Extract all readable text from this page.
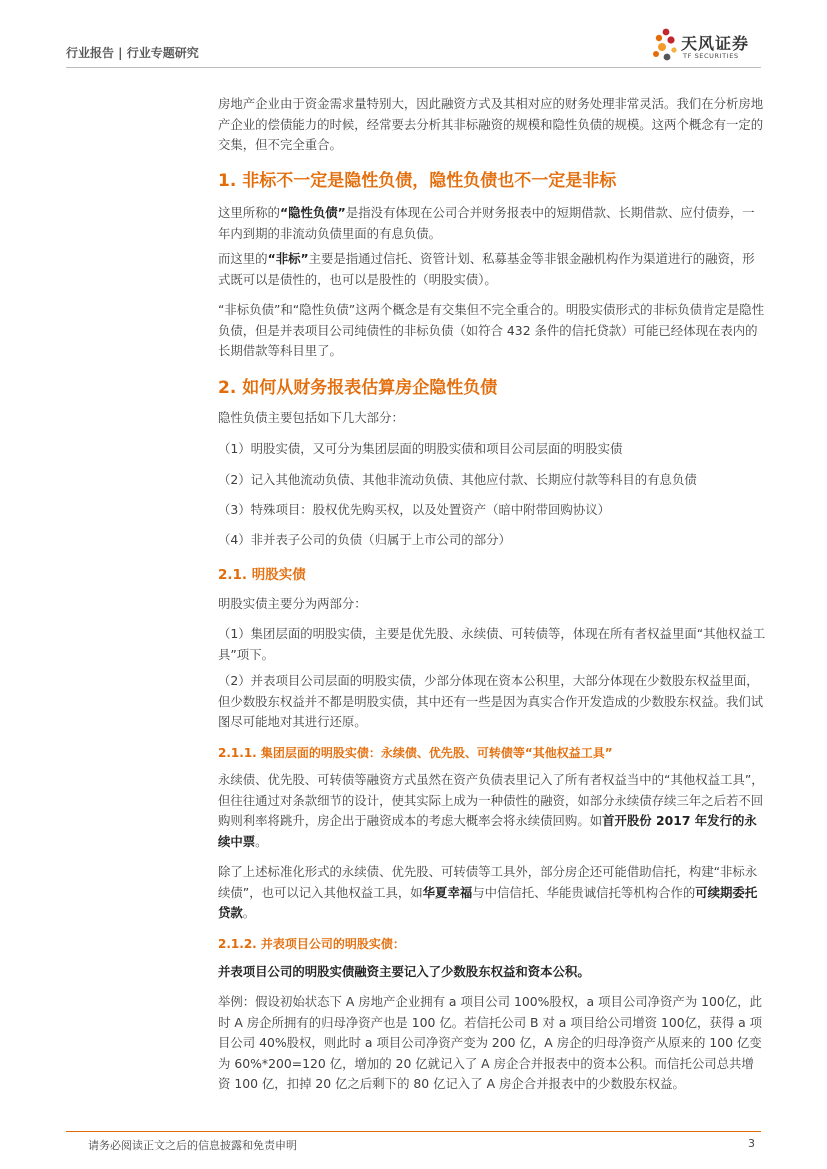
行业报告 | 行业专题研究	天风证券
TF SECURITIES

房地产企业由于资金需求量特别大，因此融资方式及其相对应的财务处理非常灵活。我们在分析房地产企业的偿债能力的时候，经常要去分析其非标融资的规模和隐性负债的规模。这两个概念有一定的交集，但不完全重合。

1. 非标不一定是隐性负债，隐性负债也不一定是非标

这里所称的“隐性负债”是指没有体现在公司合并财务报表中的短期借款、长期借款、应付债券，一年内到期的非流动负债里面的有息负债。

而这里的“非标”主要是指通过信托、资管计划、私募基金等非银金融机构作为渠道进行的融资，形式既可以是债性的，也可以是股性的（明股实债）。

“非标负债”和“隐性负债”这两个概念是有交集但不完全重合的。明股实债形式的非标负债肯定是隐性负债，但是并表项目公司纯债性的非标负债（如符合 432 条件的信托贷款）可能已经体现在表内的长期借款等科目里了。

2. 如何从财务报表估算房企隐性负债

隐性负债主要包括如下几大部分：

（1）明股实债，又可分为集团层面的明股实债和项目公司层面的明股实债

（2）记入其他流动负债、其他非流动负债、其他应付款、长期应付款等科目的有息负债

（3）特殊项目：股权优先购买权，以及处置资产（暗中附带回购协议）

（4）非并表子公司的负债（归属于上市公司的部分）

2.1. 明股实债

明股实债主要分为两部分：

（1）集团层面的明股实债，主要是优先股、永续债、可转债等，体现在所有者权益里面“其他权益工具”项下。

（2）并表项目公司层面的明股实债，少部分体现在资本公积里，大部分体现在少数股东权益里面，但少数股东权益并不都是明股实债，其中还有一些是因为真实合作开发造成的少数股东权益。我们试图尽可能地对其进行还原。

2.1.1. 集团层面的明股实债：永续债、优先股、可转债等“其他权益工具”

永续债、优先股、可转债等融资方式虽然在资产负债表里记入了所有者权益当中的“其他权益工具”，但往往通过对条款细节的设计，使其实际上成为一种债性的融资，如部分永续债存续三年之后若不回购则利率将跳升，房企出于融资成本的考虑大概率会将永续债回购。如首开股份 2017 年发行的永续中票。

除了上述标准化形式的永续债、优先股、可转债等工具外，部分房企还可能借助信托，构建“非标永续债”，也可以记入其他权益工具，如华夏幸福与中信信托、华能贵诚信托等机构合作的可续期委托贷款。

2.1.2. 并表项目公司的明股实债：

并表项目公司的明股实债融资主要记入了少数股东权益和资本公积。

举例：假设初始状态下 A 房地产企业拥有 a 项目公司 100%股权，a 项目公司净资产为 100亿，此时 A 房企所拥有的归母净资产也是 100 亿。若信托公司 B 对 a 项目给公司增资 100亿，获得 a 项目公司 40%股权，则此时 a 项目公司净资产变为 200 亿，A 房企的归母净资产从原来的 100 亿变为 60%*200=120 亿，增加的 20 亿就记入了 A 房企合并报表中的资本公积。而信托公司总共增资 100 亿，扣掉 20 亿之后剩下的 80 亿记入了 A 房企合并报表中的少数股东权益。

请务必阅读正文之后的信息披露和免责申明	3
